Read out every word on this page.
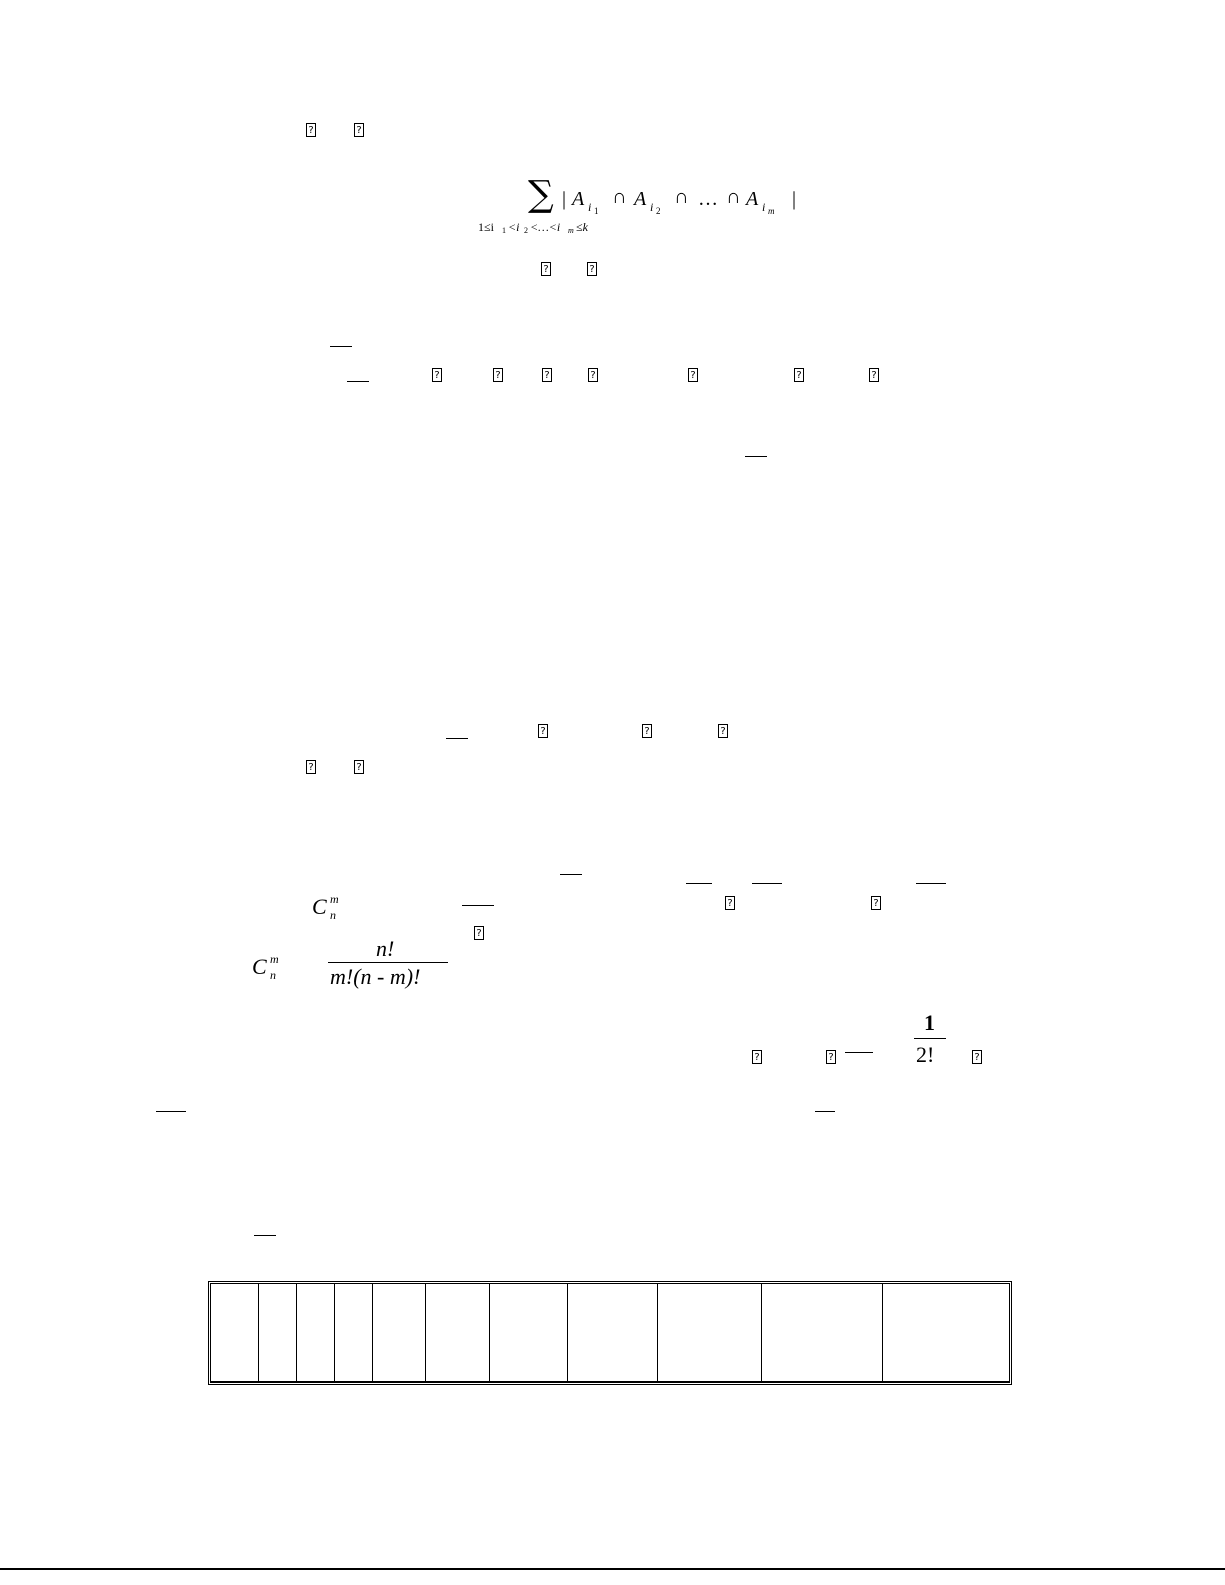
?	?
∑ | A i 1
∩ A i 2
∩ … ∩ A i m
|
1≤i 1 <i 2 <…<i m ≤k
?	?
?	?	?	?	?	?	?
?	?	?
?	?
C m
n
?	?
?
C m
n
n!
m!(n - m)!
1
2!
?	?	?
